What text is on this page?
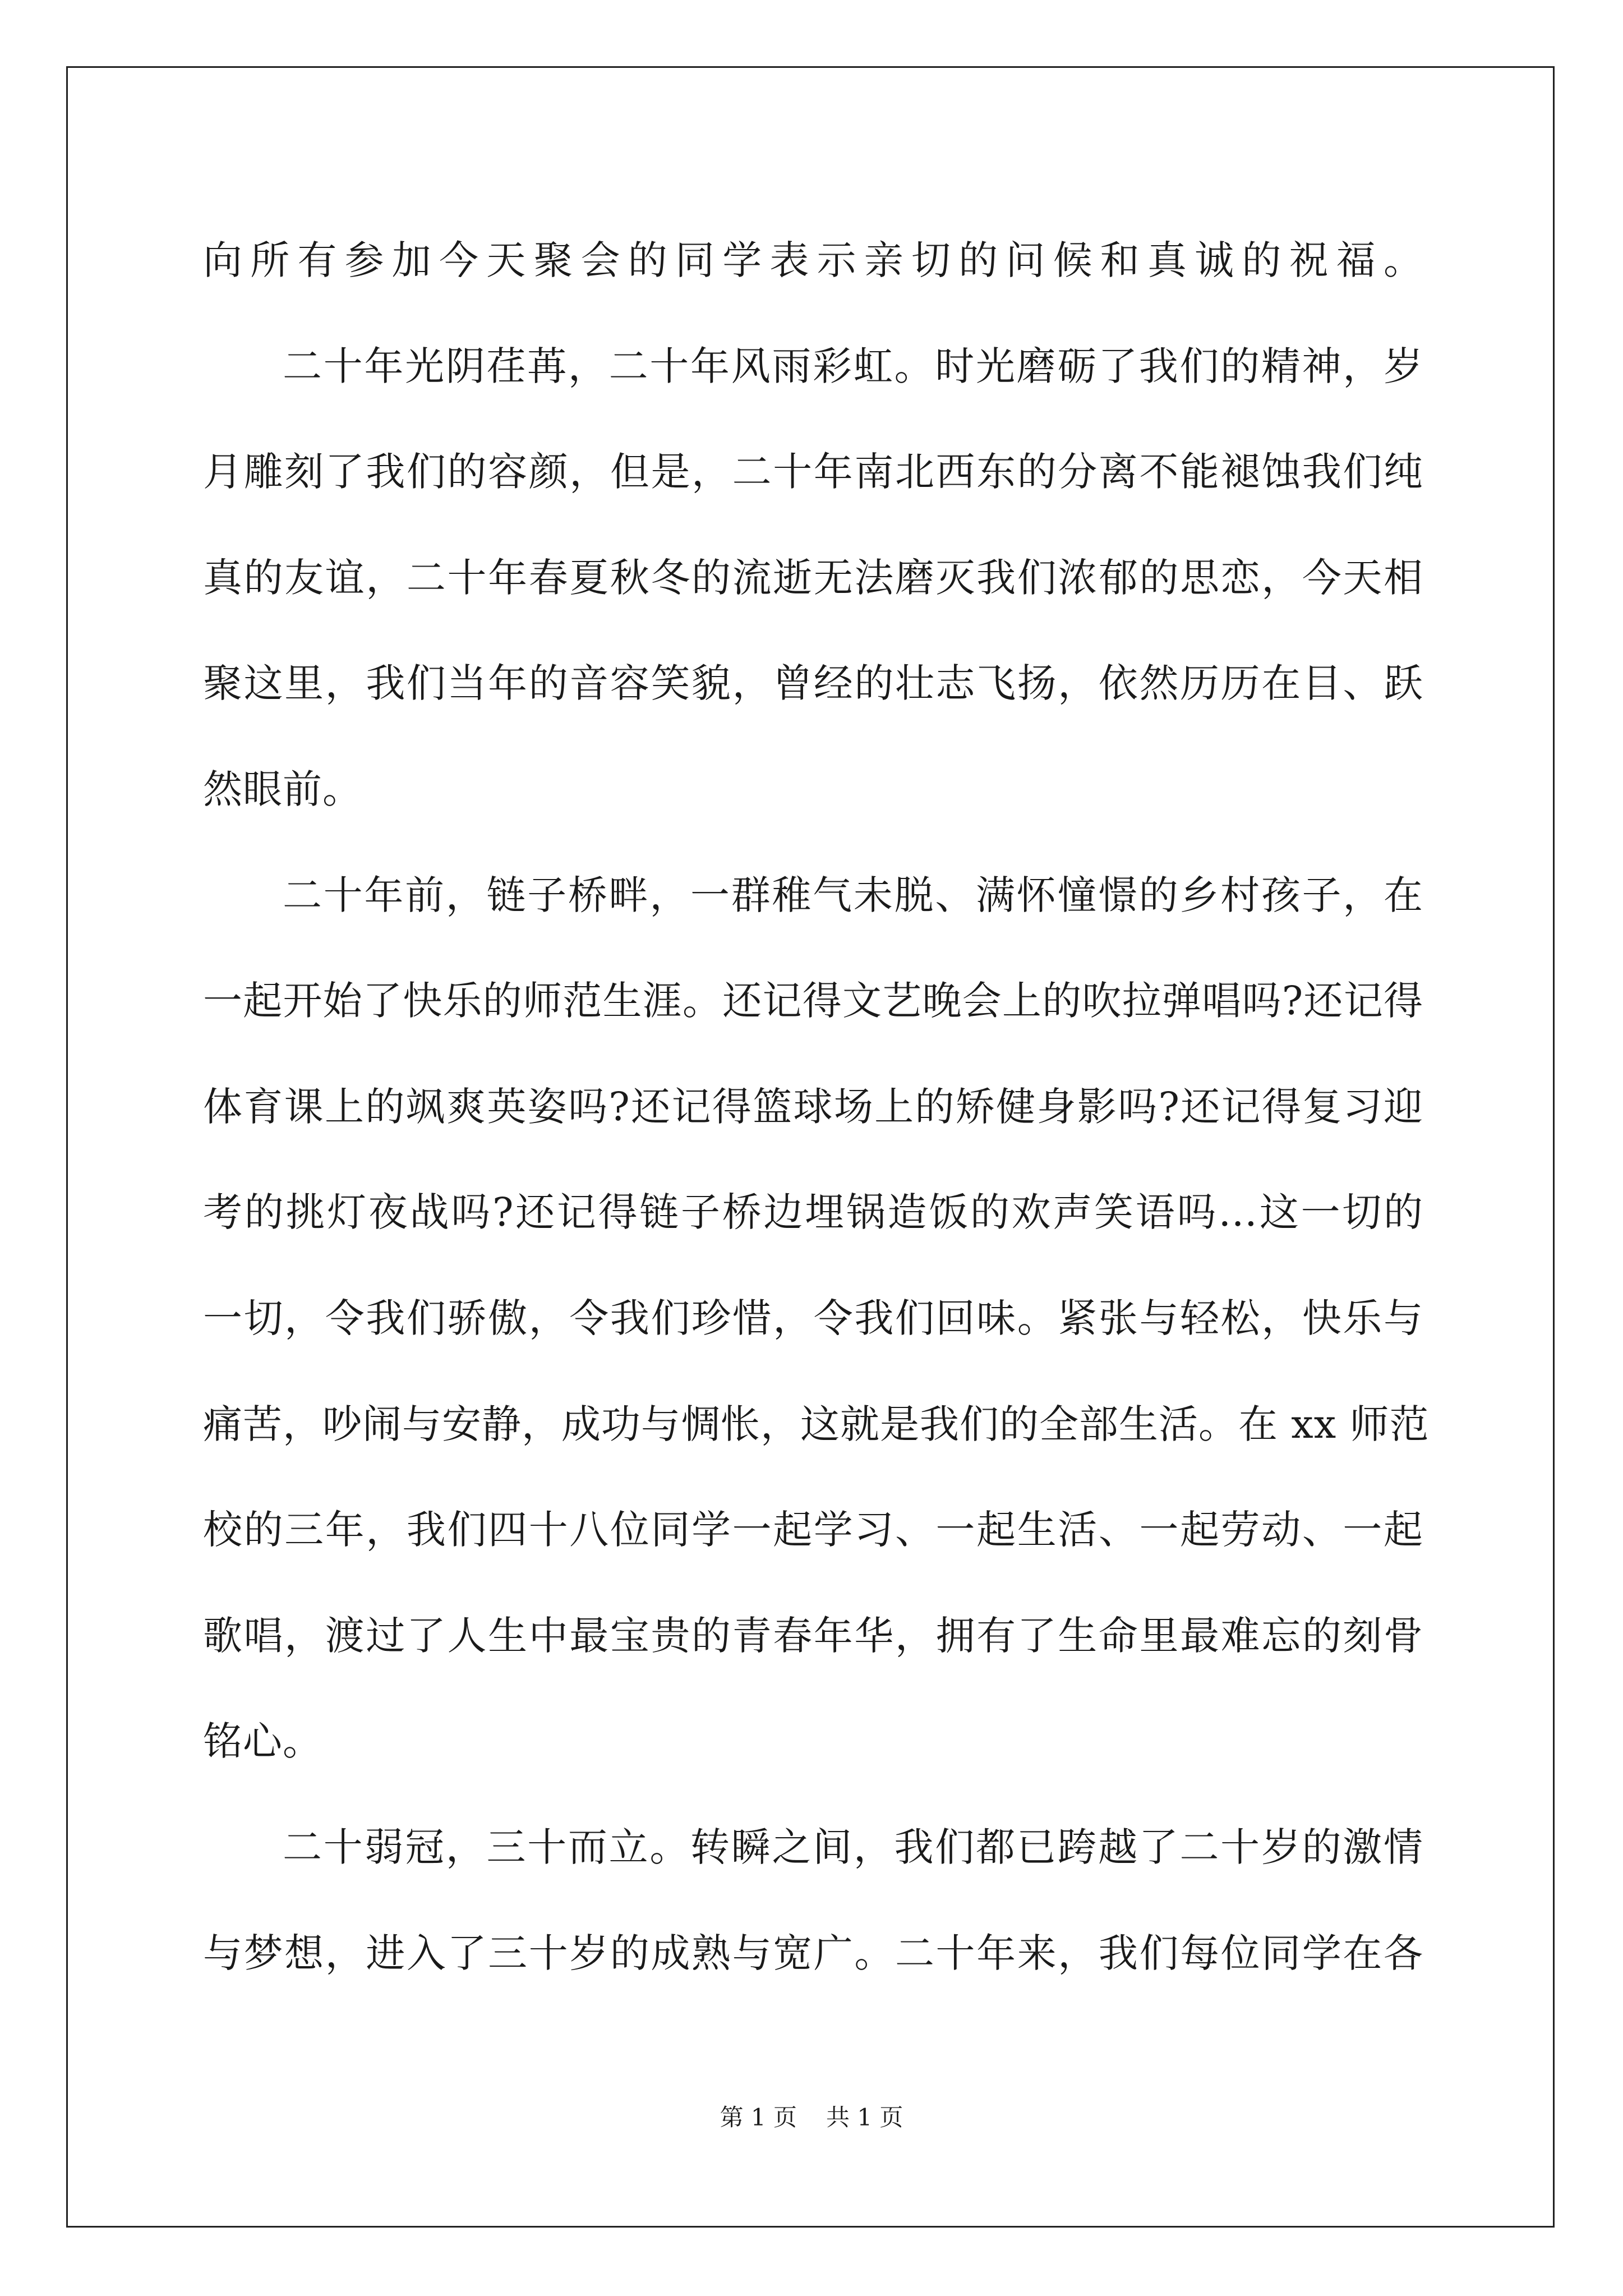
向所有参加今天聚会的同学表示亲切的问候和真诚的祝福。
二十年光阴荏苒，二十年风雨彩虹。时光磨砺了我们的精神，岁
月雕刻了我们的容颜，但是，二十年南北西东的分离不能褪蚀我们纯
真的友谊，二十年春夏秋冬的流逝无法磨灭我们浓郁的思恋，今天相
聚这里，我们当年的音容笑貌，曾经的壮志飞扬，依然历历在目、跃
然眼前。
二十年前，链子桥畔，一群稚气未脱、满怀憧憬的乡村孩子，在
一起开始了快乐的师范生涯。还记得文艺晚会上的吹拉弹唱吗?还记得
体育课上的飒爽英姿吗?还记得篮球场上的矫健身影吗?还记得复习迎
考的挑灯夜战吗?还记得链子桥边埋锅造饭的欢声笑语吗…这一切的
一切，令我们骄傲，令我们珍惜，令我们回味。紧张与轻松，快乐与
痛苦，吵闹与安静，成功与惆怅，这就是我们的全部生活。在 xx 师范
校的三年，我们四十八位同学一起学习、一起生活、一起劳动、一起
歌唱，渡过了人生中最宝贵的青春年华，拥有了生命里最难忘的刻骨
铭心。
二十弱冠，三十而立。转瞬之间，我们都已跨越了二十岁的激情
与梦想，进入了三十岁的成熟与宽广。二十年来，我们每位同学在各
第 1 页 共 1 页
